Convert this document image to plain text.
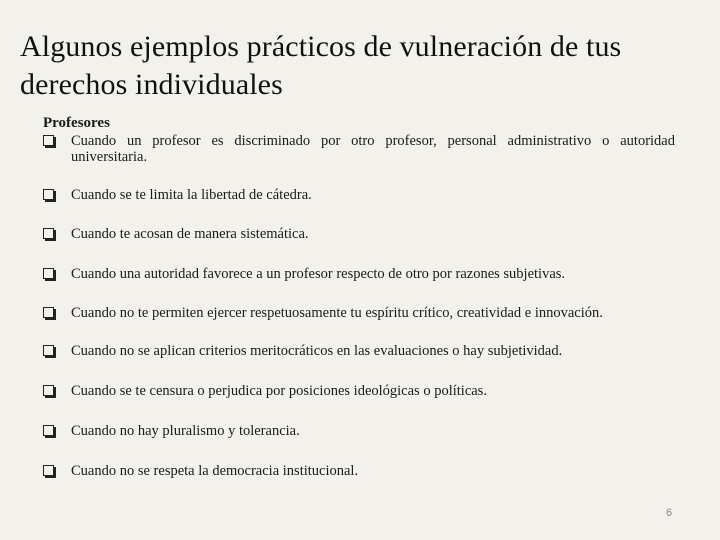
Algunos ejemplos prácticos de vulneración de tus derechos individuales
Profesores
Cuando un profesor es discriminado por otro profesor, personal administrativo o autoridad universitaria.
Cuando se te limita la libertad de cátedra.
Cuando te acosan de manera sistemática.
Cuando una autoridad favorece a un profesor respecto de otro por razones subjetivas.
Cuando no te permiten ejercer respetuosamente tu espíritu crítico, creatividad e innovación.
Cuando no se aplican criterios meritocráticos en las evaluaciones o hay subjetividad.
Cuando se te censura o perjudica por posiciones ideológicas o políticas.
Cuando no hay pluralismo y tolerancia.
Cuando no se respeta la democracia institucional.
6
